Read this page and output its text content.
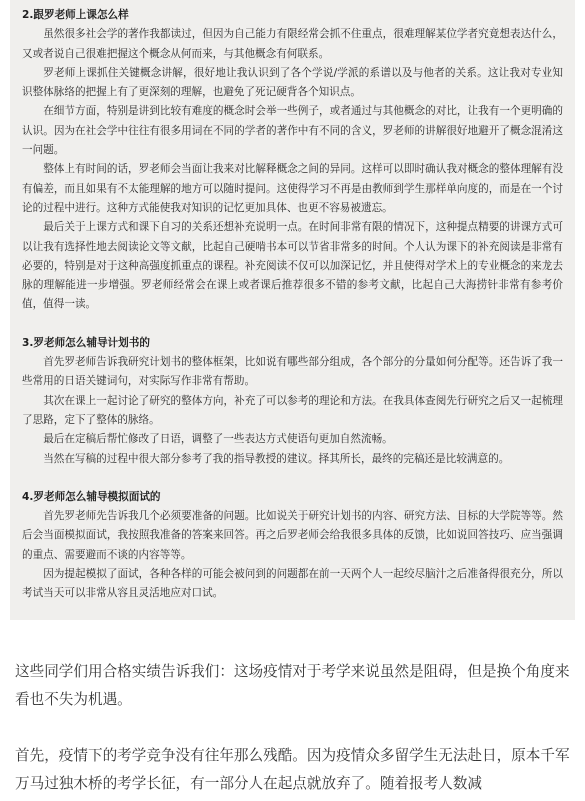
2.跟罗老师上课怎么样

虽然很多社会学的著作我都读过，但因为自己能力有限经常会抓不住重点，很难理解某位学者究竟想表达什么，又或者说自己很难把握这个概念从何而来，与其他概念有何联系。

罗老师上课抓住关键概念讲解，很好地让我认识到了各个学说/学派的系谱以及与他者的关系。这让我对专业知识整体脉络的把握上有了更深刻的理解，也避免了死记硬背各个知识点。

在细节方面，特别是讲到比较有难度的概念时会举一些例子，或者通过与其他概念的对比，让我有一个更明确的认识。因为在社会学中往往有很多用词在不同的学者的著作中有不同的含义，罗老师的讲解很好地避开了概念混淆这一问题。

整体上有时间的话，罗老师会当面让我来对比解释概念之间的异同。这样可以即时确认我对概念的整体理解有没有偏差，而且如果有不太能理解的地方可以随时提问。这使得学习不再是由教师到学生那样单向度的，而是在一个讨论的过程中进行。这种方式能使我对知识的记忆更加具体、也更不容易被遗忘。

最后关于上课方式和课下自习的关系还想补充说明一点。在时间非常有限的情况下，这种提点精要的讲课方式可以让我有选择性地去阅读论文等文献，比起自己硬啃书本可以节省非常多的时间。个人认为课下的补充阅读是非常有必要的，特别是对于这种高强度抓重点的课程。补充阅读不仅可以加深记忆，并且使得对学术上的专业概念的来龙去脉的理解能进一步增强。罗老师经常会在课上或者课后推荐很多不错的参考文献，比起自己大海捞针非常有参考价值，值得一读。

3.罗老师怎么辅导计划书的

首先罗老师告诉我研究计划书的整体框架，比如说有哪些部分组成，各个部分的分量如何分配等。还告诉了我一些常用的日语关键词句，对实际写作非常有帮助。

其次在课上一起讨论了研究的整体方向，补充了可以参考的理论和方法。在我具体查阅先行研究之后又一起梳理了思路，定下了整体的脉络。

最后在定稿后帮忙修改了日语，调整了一些表达方式使语句更加自然流畅。

当然在写稿的过程中很大部分参考了我的指导教授的建议。择其所长，最终的完稿还是比较满意的。

4.罗老师怎么辅导模拟面试的

首先罗老师先告诉我几个必须要准备的问题。比如说关于研究计划书的内容、研究方法、目标的大学院等等。然后会当面模拟面试，我按照我准备的答案来回答。再之后罗老师会给我很多具体的反馈，比如说回答技巧、应当强调的重点、需要避而不谈的内容等等。

因为提起模拟了面试，各种各样的可能会被问到的问题都在前一天两个人一起绞尽脑汁之后准备得很充分，所以考试当天可以非常从容且灵活地应对口试。

这些同学们用合格实绩告诉我们：这场疫情对于考学来说虽然是阻碍，但是换个角度来看也不失为机遇。

首先，疫情下的考学竞争没有往年那么残酷。因为疫情众多留学生无法赴日，原本千军万马过独木桥的考学长征，有一部分人在起点就放弃了。随着报考人数减
